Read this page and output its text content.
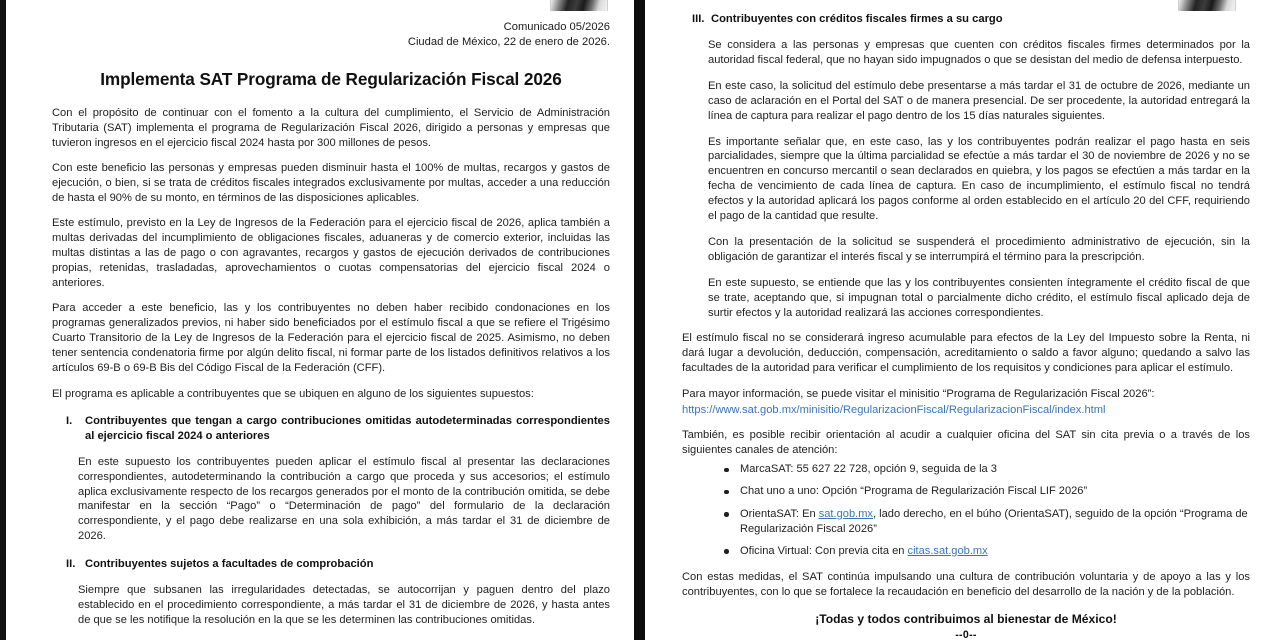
Comunicado 05/2026
Ciudad de México, 22 de enero de 2026.
Implementa SAT Programa de Regularización Fiscal 2026

Con el propósito de continuar con el fomento a la cultura del cumplimiento, el Servicio de Administración Tributaria (SAT) implementa el programa de Regularización Fiscal 2026, dirigido a personas y empresas que tuvieron ingresos en el ejercicio fiscal 2024 hasta por 300 millones de pesos.

Con este beneficio las personas y empresas pueden disminuir hasta el 100% de multas, recargos y gastos de ejecución, o bien, si se trata de créditos fiscales integrados exclusivamente por multas, acceder a una reducción de hasta el 90% de su monto, en términos de las disposiciones aplicables.

Este estímulo, previsto en la Ley de Ingresos de la Federación para el ejercicio fiscal de 2026, aplica también a multas derivadas del incumplimiento de obligaciones fiscales, aduaneras y de comercio exterior, incluidas las multas distintas a las de pago o con agravantes, recargos y gastos de ejecución derivados de contribuciones propias, retenidas, trasladadas, aprovechamientos o cuotas compensatorias del ejercicio fiscal 2024 o anteriores.

Para acceder a este beneficio, las y los contribuyentes no deben haber recibido condonaciones en los programas generalizados previos, ni haber sido beneficiados por el estímulo fiscal a que se refiere el Trigésimo Cuarto Transitorio de la Ley de Ingresos de la Federación para el ejercicio fiscal de 2025. Asimismo, no deben tener sentencia condenatoria firme por algún delito fiscal, ni formar parte de los listados definitivos relativos a los artículos 69-B o 69-B Bis del Código Fiscal de la Federación (CFF).

El programa es aplicable a contribuyentes que se ubiquen en alguno de los siguientes supuestos:

I.	Contribuyentes que tengan a cargo contribuciones omitidas autodeterminadas correspondientes al ejercicio fiscal 2024 o anteriores

En este supuesto los contribuyentes pueden aplicar el estímulo fiscal al presentar las declaraciones correspondientes, autodeterminando la contribución a cargo que proceda y sus accesorios; el estímulo aplica exclusivamente respecto de los recargos generados por el monto de la contribución omitida, se debe manifestar en la sección “Pago” o “Determinación de pago” del formulario de la declaración correspondiente, y el pago debe realizarse en una sola exhibición, a más tardar el 31 de diciembre de 2026.

II. Contribuyentes sujetos a facultades de comprobación

Siempre que subsanen las irregularidades detectadas, se autocorrijan y paguen dentro del plazo establecido en el procedimiento correspondiente, a más tardar el 31 de diciembre de 2026, y hasta antes de que se les notifique la resolución en la que se les determinen las contribuciones omitidas.

III. Contribuyentes con créditos fiscales firmes a su cargo

Se considera a las personas y empresas que cuenten con créditos fiscales firmes determinados por la autoridad fiscal federal, que no hayan sido impugnados o que se desistan del medio de defensa interpuesto.

En este caso, la solicitud del estímulo debe presentarse a más tardar el 31 de octubre de 2026, mediante un caso de aclaración en el Portal del SAT o de manera presencial. De ser procedente, la autoridad entregará la línea de captura para realizar el pago dentro de los 15 días naturales siguientes.

Es importante señalar que, en este caso, las y los contribuyentes podrán realizar el pago hasta en seis parcialidades, siempre que la última parcialidad se efectúe a más tardar el 30 de noviembre de 2026 y no se encuentren en concurso mercantil o sean declarados en quiebra, y los pagos se efectúen a más tardar en la fecha de vencimiento de cada línea de captura. En caso de incumplimiento, el estímulo fiscal no tendrá efectos y la autoridad aplicará los pagos conforme al orden establecido en el artículo 20 del CFF, requiriendo el pago de la cantidad que resulte.

Con la presentación de la solicitud se suspenderá el procedimiento administrativo de ejecución, sin la obligación de garantizar el interés fiscal y se interrumpirá el término para la prescripción.

En este supuesto, se entiende que las y los contribuyentes consienten íntegramente el crédito fiscal de que se trate, aceptando que, si impugnan total o parcialmente dicho crédito, el estímulo fiscal aplicado deja de surtir efectos y la autoridad realizará las acciones correspondientes.

El estímulo fiscal no se considerará ingreso acumulable para efectos de la Ley del Impuesto sobre la Renta, ni dará lugar a devolución, deducción, compensación, acreditamiento o saldo a favor alguno; quedando a salvo las facultades de la autoridad para verificar el cumplimiento de los requisitos y condiciones para aplicar el estímulo.

Para mayor información, se puede visitar el minisitio “Programa de Regularización Fiscal 2026”:

https://www.sat.gob.mx/minisitio/RegularizacionFiscal/RegularizacionFiscal/index.html

También, es posible recibir orientación al acudir a cualquier oficina del SAT sin cita previa o a través de los siguientes canales de atención:

MarcaSAT: 55 627 22 728, opción 9, seguida de la 3
Chat uno a uno: Opción “Programa de Regularización Fiscal LIF 2026”
OrientaSAT: En sat.gob.mx, lado derecho, en el búho (OrientaSAT), seguido de la opción “Programa de Regularización Fiscal 2026”
Oficina Virtual: Con previa cita en citas.sat.gob.mx

Con estas medidas, el SAT continúa impulsando una cultura de contribución voluntaria y de apoyo a las y los contribuyentes, con lo que se fortalece la recaudación en beneficio del desarrollo de la nación y de la población.

¡Todas y todos contribuimos al bienestar de México!
--0--
